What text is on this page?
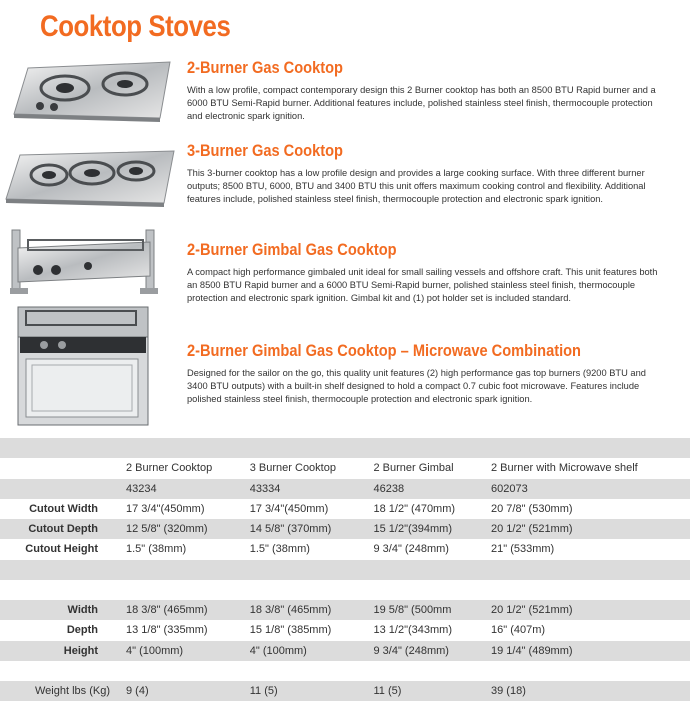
Cooktop Stoves
2-Burner Gas Cooktop

With a low profile, compact contemporary design this 2 Burner cooktop has both an 8500 BTU Rapid burner and a 6000 BTU Semi-Rapid burner. Additional features include, polished stainless steel finish, thermocouple protection and electronic spark ignition.

3-Burner Gas Cooktop

This 3-burner cooktop has a low profile design and provides a large cooking surface. With three different burner outputs; 8500 BTU, 6000, BTU and 3400 BTU this unit offers maximum cooking control and flexibility. Additional features include, polished stainless steel finish, thermocouple protection and electronic spark ignition.

2-Burner Gimbal Gas Cooktop

A compact high performance gimbaled unit ideal for small sailing vessels and offshore craft. This unit features both an 8500 BTU Rapid burner and a 6000 BTU Semi-Rapid burner, polished stainless steel finish, thermocouple protection and electronic spark ignition. Gimbal kit and (1) pot holder set is included standard.

2-Burner Gimbal Gas Cooktop – Microwave Combination

Designed for the sailor on the go, this quality unit features (2) high performance gas top burners (9200 BTU and 3400 BTU outputs) with a built-in shelf designed to hold a compact 0.7 cubic foot microwave. Features include polished stainless steel finish, thermocouple protection and electronic spark ignition.

	2 Burner Cooktop	3 Burner Cooktop	2 Burner Gimbal	2 Burner with Microwave shelf
	43234	43334	46238	602073
Cutout Width	17 3/4"(450mm)	17 3/4"(450mm)	18 1/2" (470mm)	20 7/8" (530mm)
Cutout Depth	12 5/8" (320mm)	14 5/8" (370mm)	15 1/2"(394mm)	20 1/2" (521mm)
Cutout Height	1.5" (38mm)	1.5" (38mm)	9 3/4" (248mm)	21" (533mm)

Width	18 3/8" (465mm)	18 3/8" (465mm)	19 5/8" (500mm	20 1/2" (521mm)
Depth	13 1/8" (335mm)	15 1/8" (385mm)	13 1/2"(343mm)	16" (407m)
Height	4" (100mm)	4" (100mm)	9 3/4" (248mm)	19 1/4" (489mm)

Weight lbs (Kg)	9 (4)	11 (5)	11 (5)	39 (18)
